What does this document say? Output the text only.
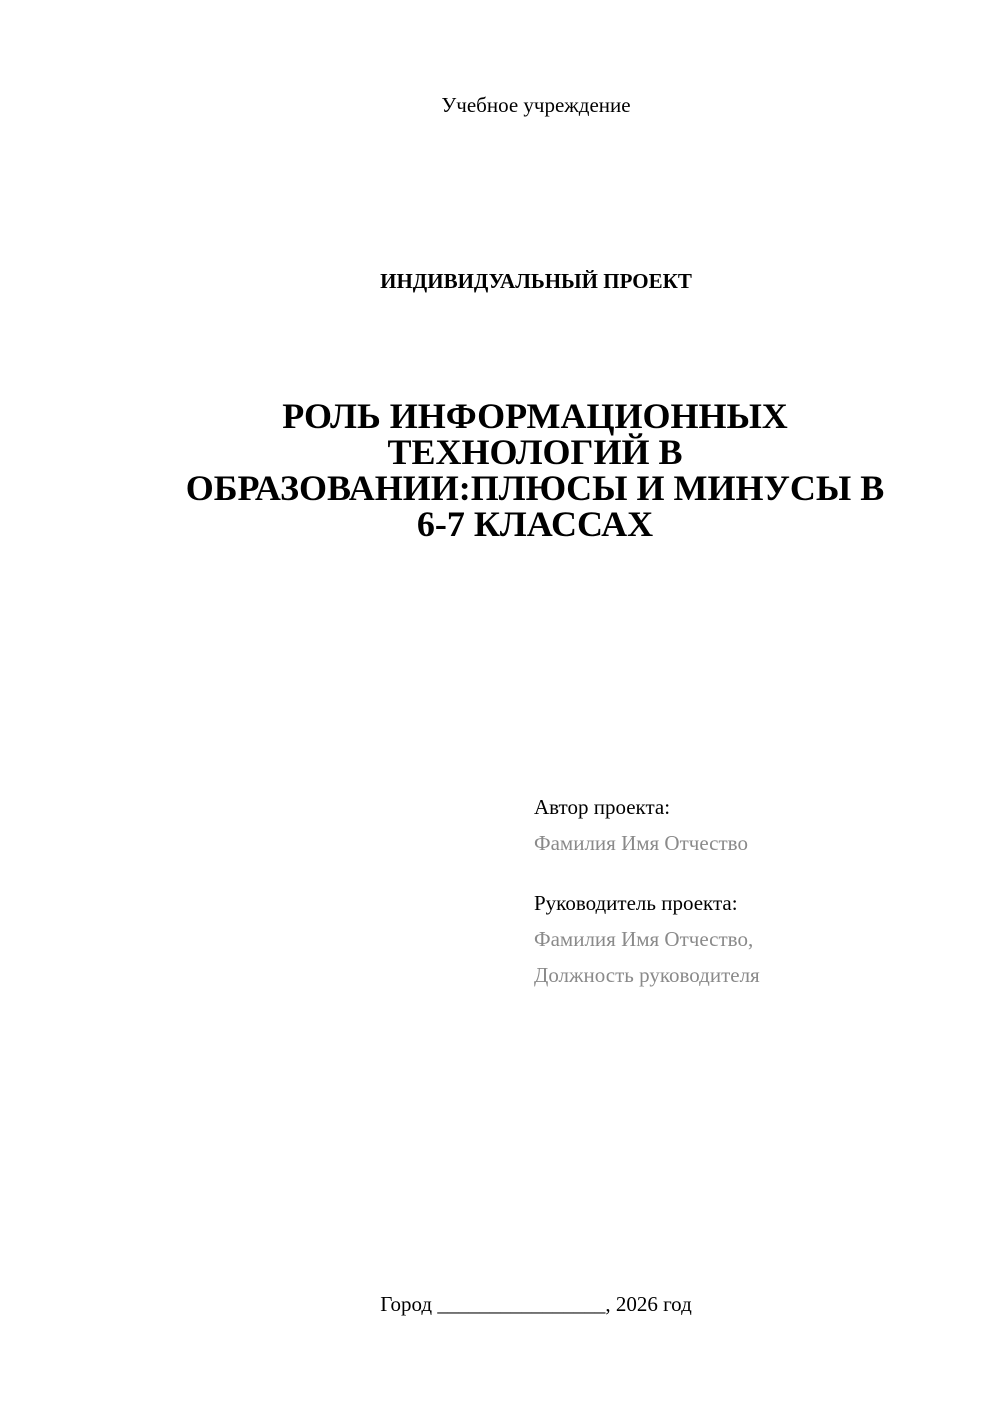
Учебное учреждение
ИНДИВИДУАЛЬНЫЙ ПРОЕКТ
РОЛЬ ИНФОРМАЦИОННЫХ
ТЕХНОЛОГИЙ В
ОБРАЗОВАНИИ:ПЛЮСЫ И МИНУСЫ В
6-7 КЛАССАХ
Автор проекта:
Фамилия Имя Отчество
Руководитель проекта:
Фамилия Имя Отчество,
Должность руководителя
Город ________________, 2026 год
